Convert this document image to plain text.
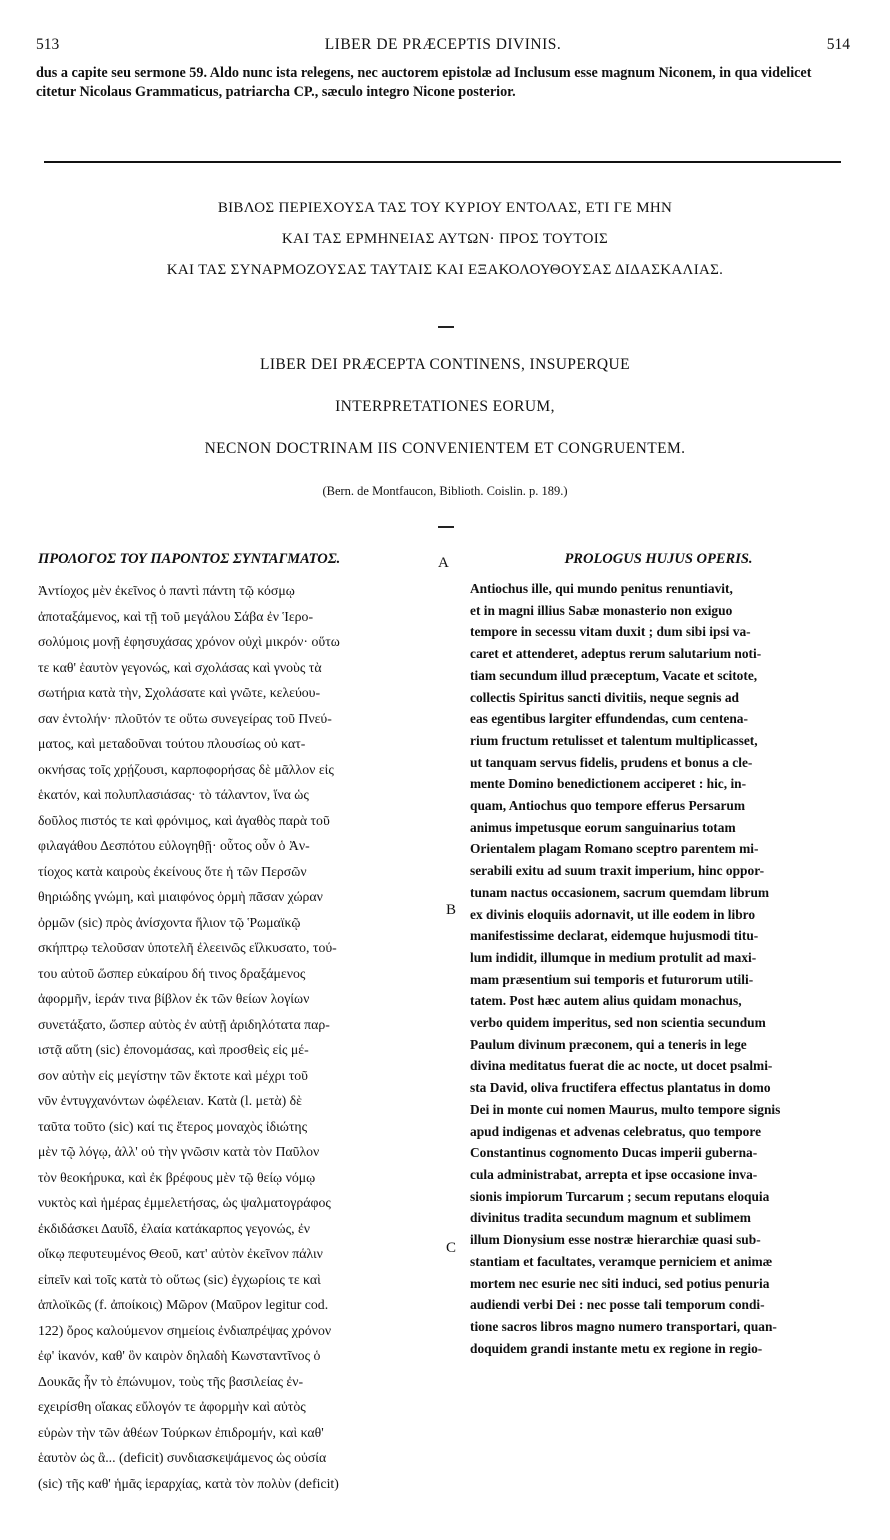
513	LIBER DE PRÆCEPTIS DIVINIS.	514

dus a capite seu sermone 59. Aldo nunc ista relegens, nec auctorem epistolæ ad Inclusum esse magnum Niconem, in qua videlicet citetur Nicolaus Grammaticus, patriarcha CP., sæculo integro Nicone posterior.

ΒΙΒΛΟΣ ΠΕΡΙΕΧΟΥΣΑ ΤΑΣ ΤΟΥ ΚΥΡΙΟΥ ΕΝΤΟΛΑΣ, ΕΤΙ ΓΕ ΜΗΝ
ΚΑΙ ΤΑΣ ΕΡΜΗΝΕΙΑΣ ΑΥΤΩΝ· ΠΡΟΣ ΤΟΥΤΟΙΣ
ΚΑΙ ΤΑΣ ΣΥΝΑΡΜΟΖΟΥΣΑΣ ΤΑΥΤΑΙΣ ΚΑΙ ΕΞΑΚΟΛΟΥΘΟΥΣΑΣ ΔΙΔΑΣΚΑΛΙΑΣ.
LIBER DEI PRÆCEPTA CONTINENS, INSUPERQUE
INTERPRETATIONES EORUM,
NECNON DOCTRINAM IIS CONVENIENTEM ET CONGRUENTEM.
(Bern. de Montfaucon, Biblioth. Coislin. p. 189.)
ΠΡΟΛΟΓΟΣ ΤΟΥ ΠΑΡΟΝΤΟΣ ΣΥΝΤΑΓΜΑΤΟΣ.

Ἀντίοχος μὲν ἐκεῖνος ὁ παντὶ πάντη τῷ κόσμῳ
ἀποταξάμενος, καὶ τῇ τοῦ μεγάλου Σάβα ἐν Ἱερο-
σολύμοις μονῇ ἐφησυχάσας χρόνον οὐχὶ μικρόν· οὕτω
τε καθ' ἑαυτὸν γεγονώς, καὶ σχολάσας καὶ γνοὺς τὰ
σωτήρια κατὰ τὴν, Σχολάσατε καὶ γνῶτε, κελεύου-
σαν ἐντολήν· πλοῦτόν τε οὕτω συνεγείρας τοῦ Πνεύ-
ματος, καὶ μεταδοῦναι τούτου πλουσίως οὐ κατ-
οκνήσας τοῖς χρῄζουσι, καρποφορήσας δὲ μᾶλλον εἰς
ἑκατόν, καὶ πολυπλασιάσας· τὸ τάλαντον, ἵνα ὡς
δοῦλος πιστός τε καὶ φρόνιμος, καὶ ἀγαθὸς παρὰ τοῦ
φιλαγάθου Δεσπότου εὐλογηθῇ· οὗτος οὖν ὁ Ἀν-
τίοχος κατὰ καιροὺς ἐκείνους ὅτε ἡ τῶν Περσῶν
θηριώδης γνώμη, καὶ μιαιφόνος ὁρμὴ πᾶσαν χώραν
ὀρμῶν (sic) πρὸς ἀνίσχοντα ἥλιον τῷ Ῥωμαϊκῷ
σκήπτρῳ τελοῦσαν ὑποτελῆ ἐλεεινῶς εἵλκυσατο, τού-
του αὐτοῦ ὥσπερ εὐκαίρου δή τινος δραξάμενος
ἀφορμῆν, ἱεράν τινα βίβλον ἐκ τῶν θείων λογίων
συνετάξατο, ὥσπερ αὐτὸς ἐν αὐτῇ ἀριδηλότατα παρ-
ιστᾷ αὕτη (sic) ἐπονομάσας, καὶ προσθεὶς εἰς μέ-
σον αὐτὴν εἰς μεγίστην τῶν ἔκτοτε καὶ μέχρι τοῦ
νῦν ἐντυγχανόντων ὠφέλειαν. Κατὰ (l. μετὰ) δὲ
ταῦτα τοῦτο (sic) καί τις ἕτερος μοναχὸς ἰδιώτης
μὲν τῷ λόγῳ, ἀλλ' οὐ τὴν γνῶσιν κατὰ τὸν Παῦλον
τὸν θεοκήρυκα, καὶ ἐκ βρέφους μὲν τῷ θείῳ νόμῳ
νυκτὸς καὶ ἡμέρας ἐμμελετήσας, ὡς ψαλματογράφος
ἐκδιδάσκει Δαυΐδ, ἐλαία κατάκαρπος γεγονώς, ἐν
οἴκῳ πεφυτευμένος Θεοῦ, κατ' αὐτὸν ἐκεῖνον πάλιν
εἰπεῖν καὶ τοῖς κατὰ τὸ οὕτως (sic) ἐγχωρίοις τε καὶ
ἁπλοϊκῶς (f. ἀποίκοις) Μῶρον (Μαῦρον legitur cod.
122) ὄρος καλούμενον σημείοις ἐνδιαπρέψας χρόνον
ἐφ' ἱκανόν, καθ' ὃν καιρὸν δηλαδὴ Κωνσταντῖνος ὁ
Δουκᾶς ἦν τὸ ἐπώνυμον, τοὺς τῆς βασιλείας ἐν-
εχειρίσθη οἴακας εὔλογόν τε ἀφορμὴν καὶ αὐτὸς
εὑρὼν τὴν τῶν ἀθέων Τούρκων ἐπιδρομήν, καὶ καθ'
ἑαυτὸν ὡς ἂ... (deficit) συνδιασκεψάμενος ὡς οὐσία
(sic) τῆς καθ' ἡμᾶς ἱεραρχίας, κατὰ τὸν πολὺν (deficit)

PROLOGUS HUJUS OPERIS.

Antiochus ille, qui mundo penitus renuntiavit,
et in magni illius Sabæ monasterio non exiguo
tempore in secessu vitam duxit ; dum sibi ipsi va-
caret et attenderet, adeptus rerum salutarium noti-
tiam secundum illud præceptum, Vacate et scitote,
collectis Spiritus sancti divitiis, neque segnis ad
eas egentibus largiter effundendas, cum centena-
rium fructum retulisset et talentum multiplicasset,
ut tanquam servus fidelis, prudens et bonus a cle-
mente Domino benedictionem acciperet : hic, in-
quam, Antiochus quo tempore efferus Persarum
animus impetusque eorum sanguinarius totam
Orientalem plagam Romano sceptro parentem mi-
serabili exitu ad suum traxit imperium, hinc oppor-
tunam nactus occasionem, sacrum quemdam librum
ex divinis eloquiis adornavit, ut ille eodem in libro
manifestissime declarat, eidemque hujusmodi titu-
lum indidit, illumque in medium protulit ad maxi-
mam præsentium sui temporis et futurorum utili-
tatem. Post hæc autem alius quidam monachus,
verbo quidem imperitus, sed non scientia secundum
Paulum divinum præconem, qui a teneris in lege
divina meditatus fuerat die ac nocte, ut docet psalmi-
sta David, oliva fructifera effectus plantatus in domo
Dei in monte cui nomen Maurus, multo tempore signis
apud indigenas et advenas celebratus, quo tempore
Constantinus cognomento Ducas imperii guberna-
cula administrabat, arrepta et ipse occasione inva-
sionis impiorum Turcarum ; secum reputans eloquia
divinitus tradita secundum magnum et sublimem
illum Dionysium esse nostræ hierarchiæ quasi sub-
stantiam et facultates, veramque perniciem et animæ
mortem nec esurie nec siti induci, sed potius penuria
audiendi verbi Dei : nec posse tali temporum condi-
tione sacros libros magno numero transportari, quan-
doquidem grandi instante metu ex regione in regio-

A
B
C
